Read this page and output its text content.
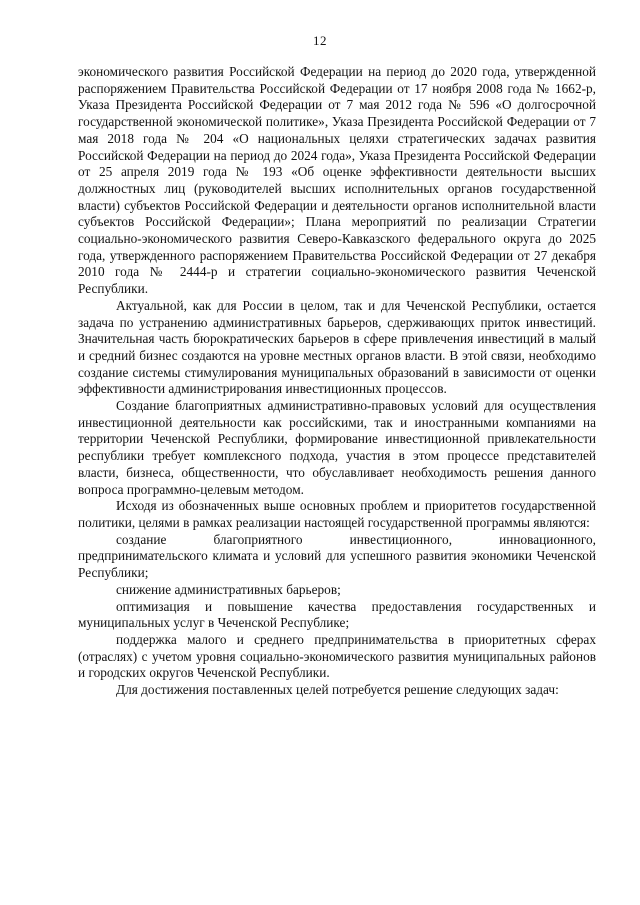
12

экономического развития Российской Федерации на период до 2020 года, утвержденной распоряжением Правительства Российской Федерации от 17 ноября 2008 года № 1662-р, Указа Президента Российской Федерации от 7 мая 2012 года № 596 «О долгосрочной государственной экономической политике», Указа Президента Российской Федерации от 7 мая 2018 года № 204 «О национальных целяхи стратегических задачах развития Российской Федерации на период до 2024 года», Указа Президента Российской Федерации от 25 апреля 2019 года № 193 «Об оценке эффективности деятельности высших должностных лиц (руководителей высших исполнительных органов государственной власти) субъектов Российской Федерации и деятельности органов исполнительной власти субъектов Российской Федерации»; Плана мероприятий по реализации Стратегии социально-экономического развития Северо-Кавказского федерального округа до 2025 года, утвержденного распоряжением Правительства Российской Федерации от 27 декабря 2010 года № 2444-р и стратегии социально-экономического развития Чеченской Республики.

Актуальной, как для России в целом, так и для Чеченской Республики, остается задача по устранению административных барьеров, сдерживающих приток инвестиций. Значительная часть бюрократических барьеров в сфере привлечения инвестиций в малый и средний бизнес создаются на уровне местных органов власти. В этой связи, необходимо создание системы стимулирования муниципальных образований в зависимости от оценки эффективности администрирования инвестиционных процессов.

Создание благоприятных административно-правовых условий для осуществления инвестиционной деятельности как российскими, так и иностранными компаниями на территории Чеченской Республики, формирование инвестиционной привлекательности республики требует комплексного подхода, участия в этом процессе представителей власти, бизнеса, общественности, что обуславливает необходимость решения данного вопроса программно-целевым методом.

Исходя из обозначенных выше основных проблем и приоритетов государственной политики, целями в рамках реализации настоящей государственной программы являются:

создание благоприятного инвестиционного, инновационного, предпринимательского климата и условий для успешного развития экономики Чеченской Республики;

снижение административных барьеров;

оптимизация и повышение качества предоставления государственных и муниципальных услуг в Чеченской Республике;

поддержка малого и среднего предпринимательства в приоритетных сферах (отраслях) с учетом уровня социально-экономического развития муниципальных районов и городских округов Чеченской Республики.

Для достижения поставленных целей потребуется решение следующих задач:
